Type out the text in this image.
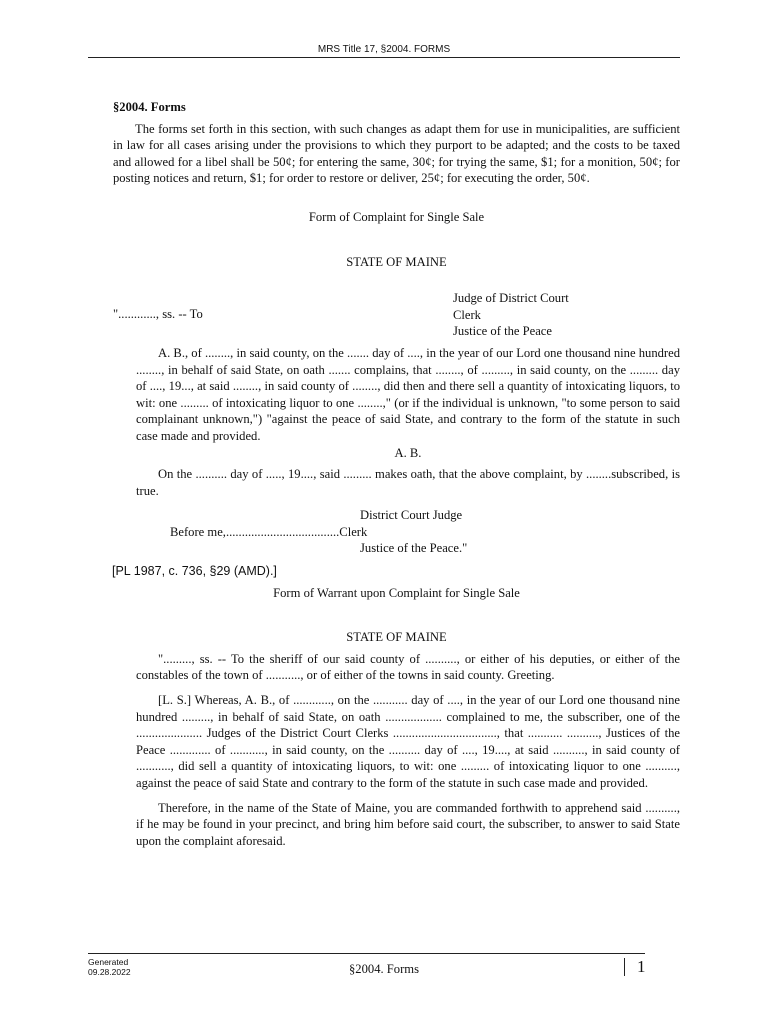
MRS Title 17, §2004. FORMS

§2004. Forms

The forms set forth in this section, with such changes as adapt them for use in municipalities, are sufficient in law for all cases arising under the provisions to which they purport to be adapted; and the costs to be taxed and allowed for a libel shall be 50¢; for entering the same, 30¢; for trying the same, $1; for a monition, 50¢; for posting notices and return, $1; for order to restore or deliver, 25¢; for executing the order, 50¢.

Form of Complaint for Single Sale

STATE OF MAINE

"............, ss. -- To
Judge of District Court
Clerk
Justice of the Peace

A. B., of ........, in said county, on the ....... day of ...., in the year of our Lord one thousand nine hundred ........, in behalf of said State, on oath ....... complains, that ........, of ........., in said county, on the ......... day of ...., 19..., at said ........, in said county of ........, did then and there sell a quantity of intoxicating liquors, to wit: one ......... of intoxicating liquor to one ........," (or if the individual is unknown, "to some person to said complainant unknown,") "against the peace of said State, and contrary to the form of the statute in such case made and provided.

A. B.

On the .......... day of ....., 19...., said ......... makes oath, that the above complaint, by ........subscribed, is true.

District Court Judge

Before me,....................................Clerk

Justice of the Peace."

[PL 1987, c. 736, §29 (AMD).]

Form of Warrant upon Complaint for Single Sale

STATE OF MAINE

"........., ss. -- To the sheriff of our said county of .........., or either of his deputies, or either of the constables of the town of ..........., or of either of the towns in said county. Greeting.

[L. S.] Whereas, A. B., of ............, on the ........... day of ...., in the year of our Lord one thousand nine hundred ........., in behalf of said State, on oath .................. complained to me, the subscriber, one of the ..................... Judges of the District Court Clerks ................................., that ........... .........., Justices of the Peace ............. of ..........., in said county, on the .......... day of ...., 19...., at said .........., in said county of ..........., did sell a quantity of intoxicating liquors, to wit: one ......... of intoxicating liquor to one .........., against the peace of said State and contrary to the form of the statute in such case made and provided.

Therefore, in the name of the State of Maine, you are commanded forthwith to apprehend said .........., if he may be found in your precinct, and bring him before said court, the subscriber, to answer to said State upon the complaint aforesaid.

Generated
09.28.2022	§2004. Forms	1
